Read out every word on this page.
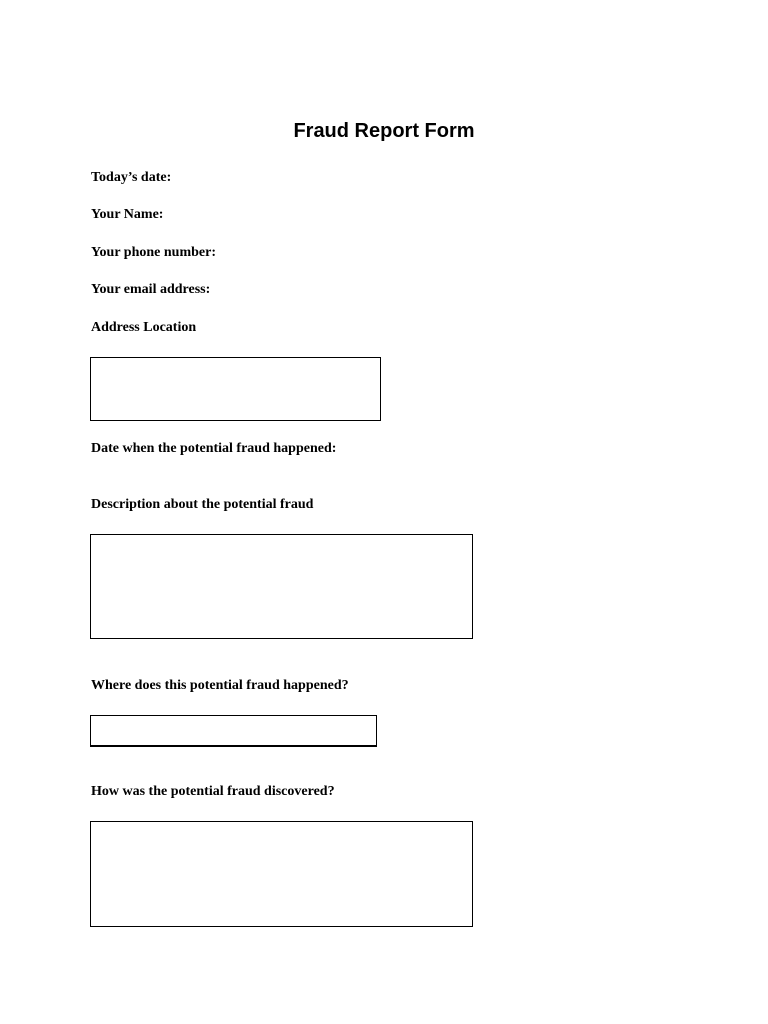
Fraud Report Form
Today’s date:
Your Name:
Your phone number:
Your email address:
Address Location
Date when the potential fraud happened:
Description about the potential fraud
Where does this potential fraud happened?
How was the potential fraud discovered?
